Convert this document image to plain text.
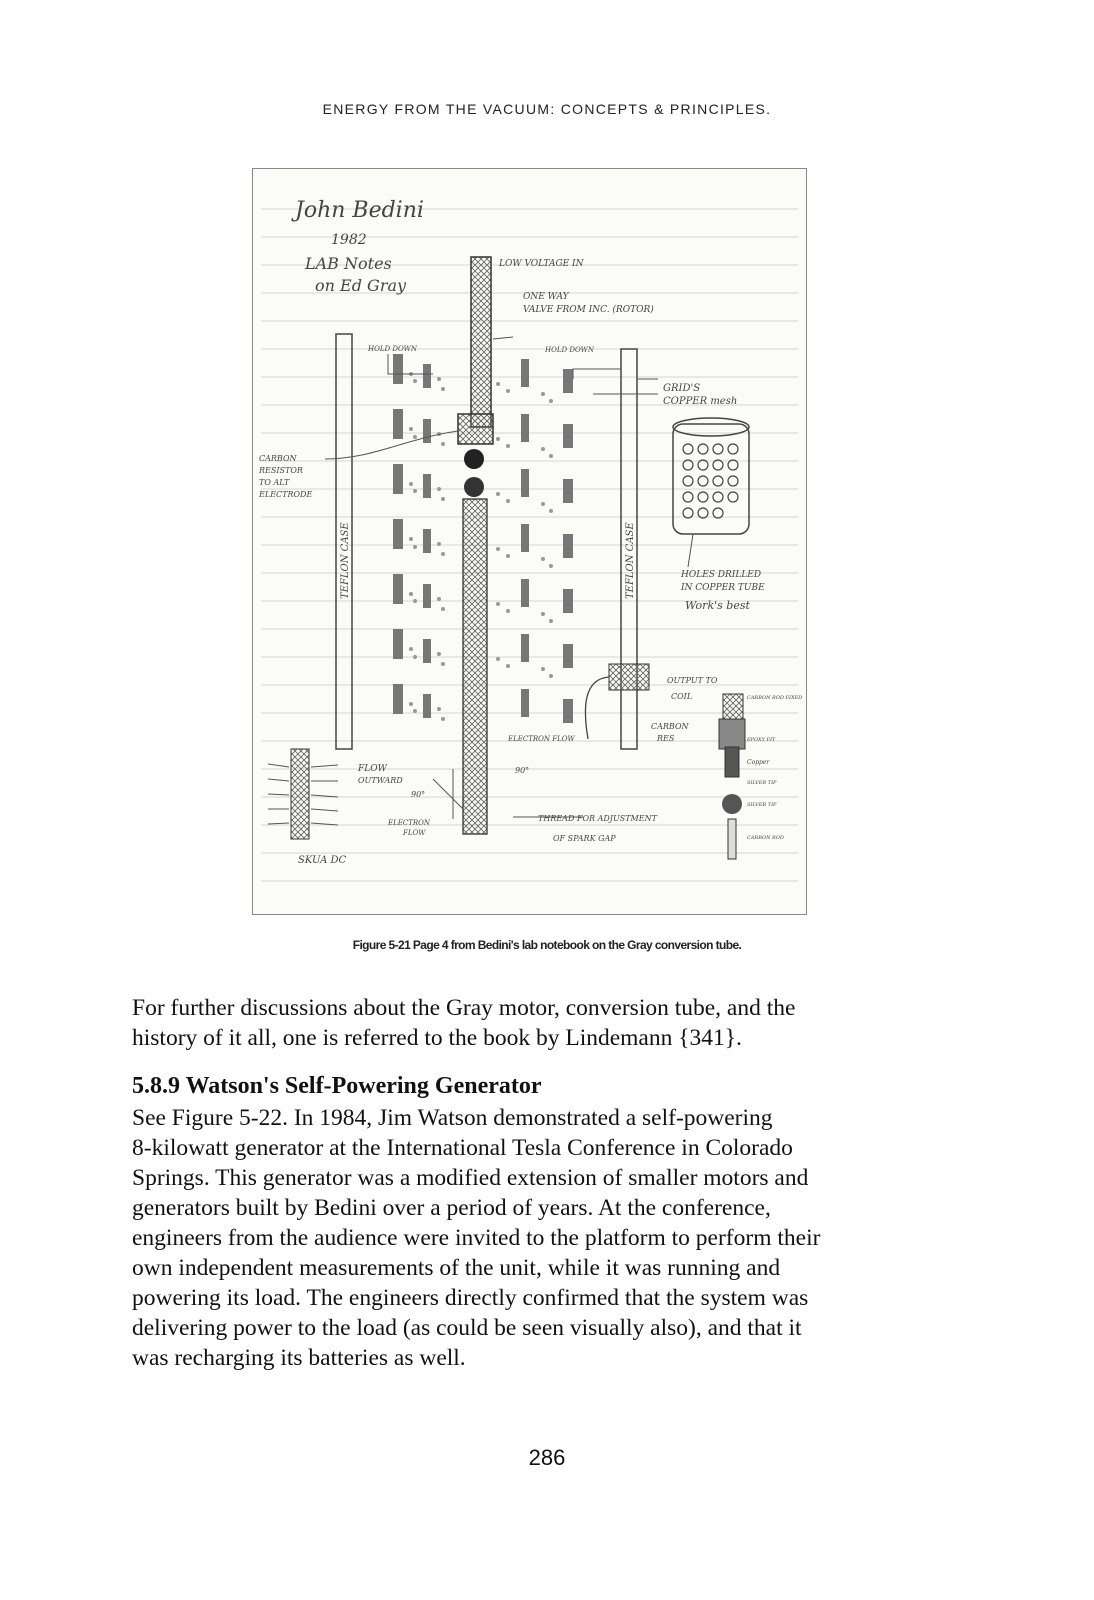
ENERGY FROM THE VACUUM: CONCEPTS & PRINCIPLES.
John Bedini
1982
LAB Notes
on Ed Gray
LOW VOLTAGE IN
ONE WAY
VALVE FROM INC. (ROTOR)
HOLD DOWN	HOLD DOWN
GRID'S
COPPER mesh
CARBON
RESISTOR
TO ALT
ELECTRODE
TEFLON CASE	TEFLON CASE	HOLES DRILLED
IN COPPER TUBE
Work's best
OUTPUT TO
COIL
CARBON
RES
ELECTRON FLOW
FLOW
OUTWARD
90°
90°
ELECTRON
FLOW
THREAD FOR ADJUSTMENT
OF SPARK GAP
SKUA DC
CARBON ROD FIXED
EPOXY FIT
Copper
SILVER TIP
SILVER TIP
CARBON ROD
Figure 5-21 Page 4 from Bedini's lab notebook on the Gray conversion tube.

For further discussions about the Gray motor, conversion tube, and the

history of it all, one is referred to the book by Lindemann {341}.

5.8.9 Watson's Self-Powering Generator

See Figure 5-22. In 1984, Jim Watson demonstrated a self-powering

8-kilowatt generator at the International Tesla Conference in Colorado

Springs. This generator was a modified extension of smaller motors and

generators built by Bedini over a period of years. At the conference,

engineers from the audience were invited to the platform to perform their

own independent measurements of the unit, while it was running and

powering its load. The engineers directly confirmed that the system was

delivering power to the load (as could be seen visually also), and that it

was recharging its batteries as well.

286
